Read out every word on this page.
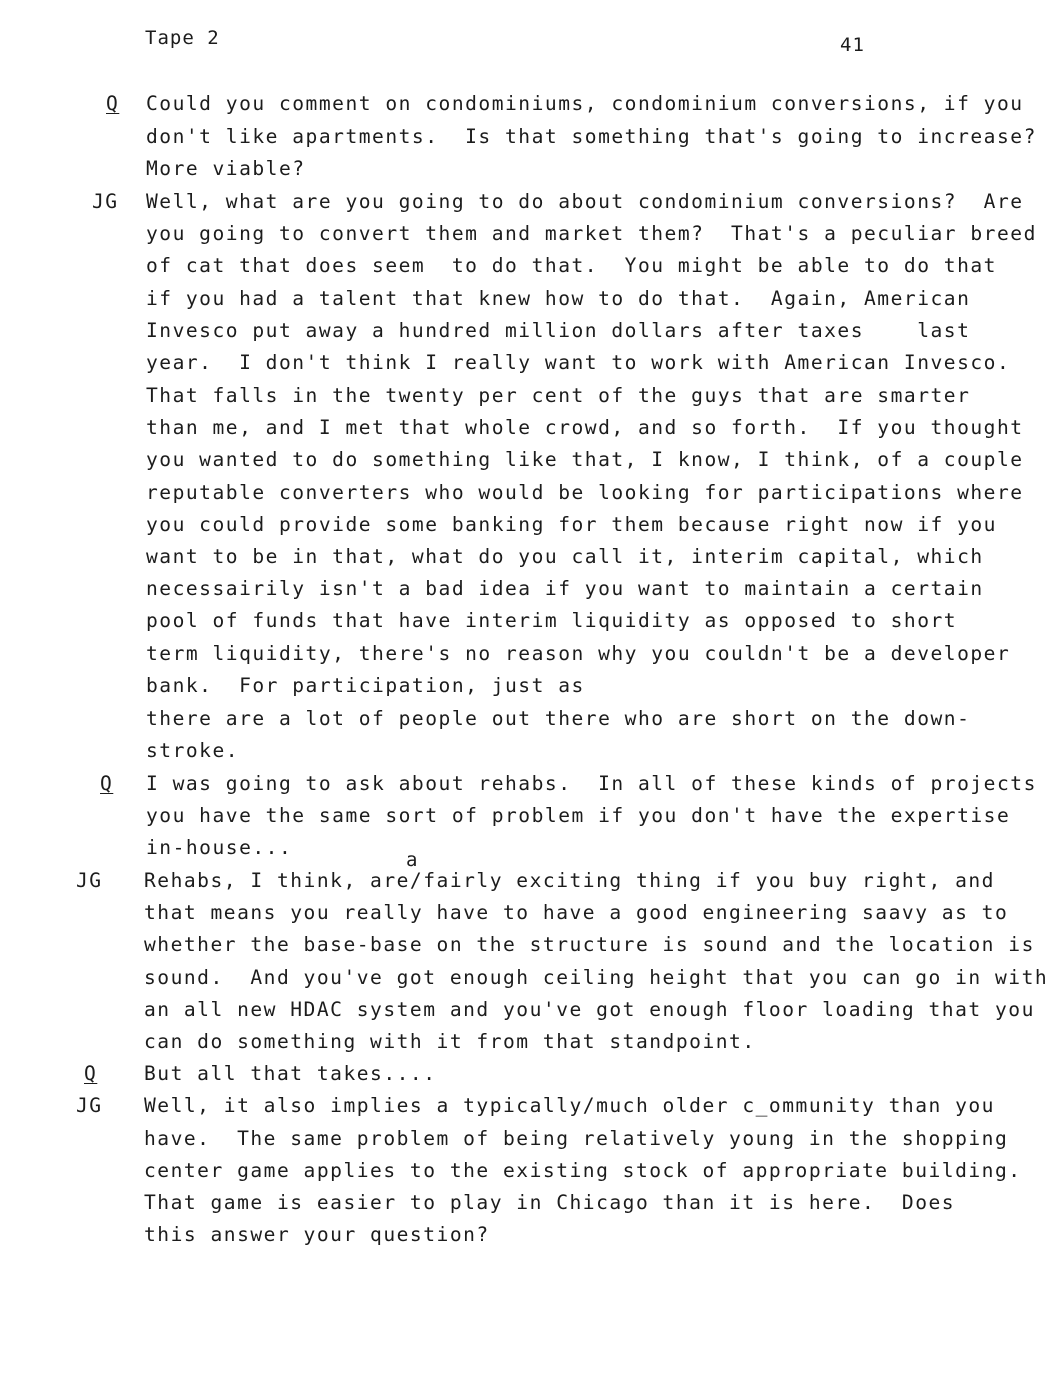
Tape 2	41
Q Could you comment on condominiums, condominium conversions, if you
don't like apartments.  Is that something that's going to increase?
More viable?
JG Well, what are you going to do about condominium conversions?  Are
you going to convert them and market them?  That's a peculiar breed
of cat that does seem  to do that.  You might be able to do that
if you had a talent that knew how to do that.  Again, American
Invesco put away a hundred million dollars after taxes    last
year.  I don't think I really want to work with American Invesco.
That falls in the twenty per cent of the guys that are smarter
than me, and I met that whole crowd, and so forth.  If you thought
you wanted to do something like that, I know, I think, of a couple
reputable converters who would be looking for participations where
you could provide some banking for them because right now if you
want to be in that, what do you call it, interim capital, which
necessairily isn't a bad idea if you want to maintain a certain
pool of funds that have interim liquidity as opposed to short
term liquidity, there's no reason why you couldn't be a developer
bank.  For participation, just as
there are a lot of people out there who are short on the down-
stroke.
Q I was going to ask about rehabs.  In all of these kinds of projects
you have the same sort of problem if you don't have the expertise
in-house...
a
JG Rehabs, I think, are/fairly exciting thing if you buy right, and
that means you really have to have a good engineering saavy as to
whether the base-base on the structure is sound and the location is
sound.  And you've got enough ceiling height that you can go in with
an all new HDAC system and you've got enough floor loading that you
can do something with it from that standpoint.
Q But all that takes....
JG Well, it also implies a typically/much older c_ommunity than you
have.  The same problem of being relatively young in the shopping
center game applies to the existing stock of appropriate building.
That game is easier to play in Chicago than it is here.  Does
this answer your question?
